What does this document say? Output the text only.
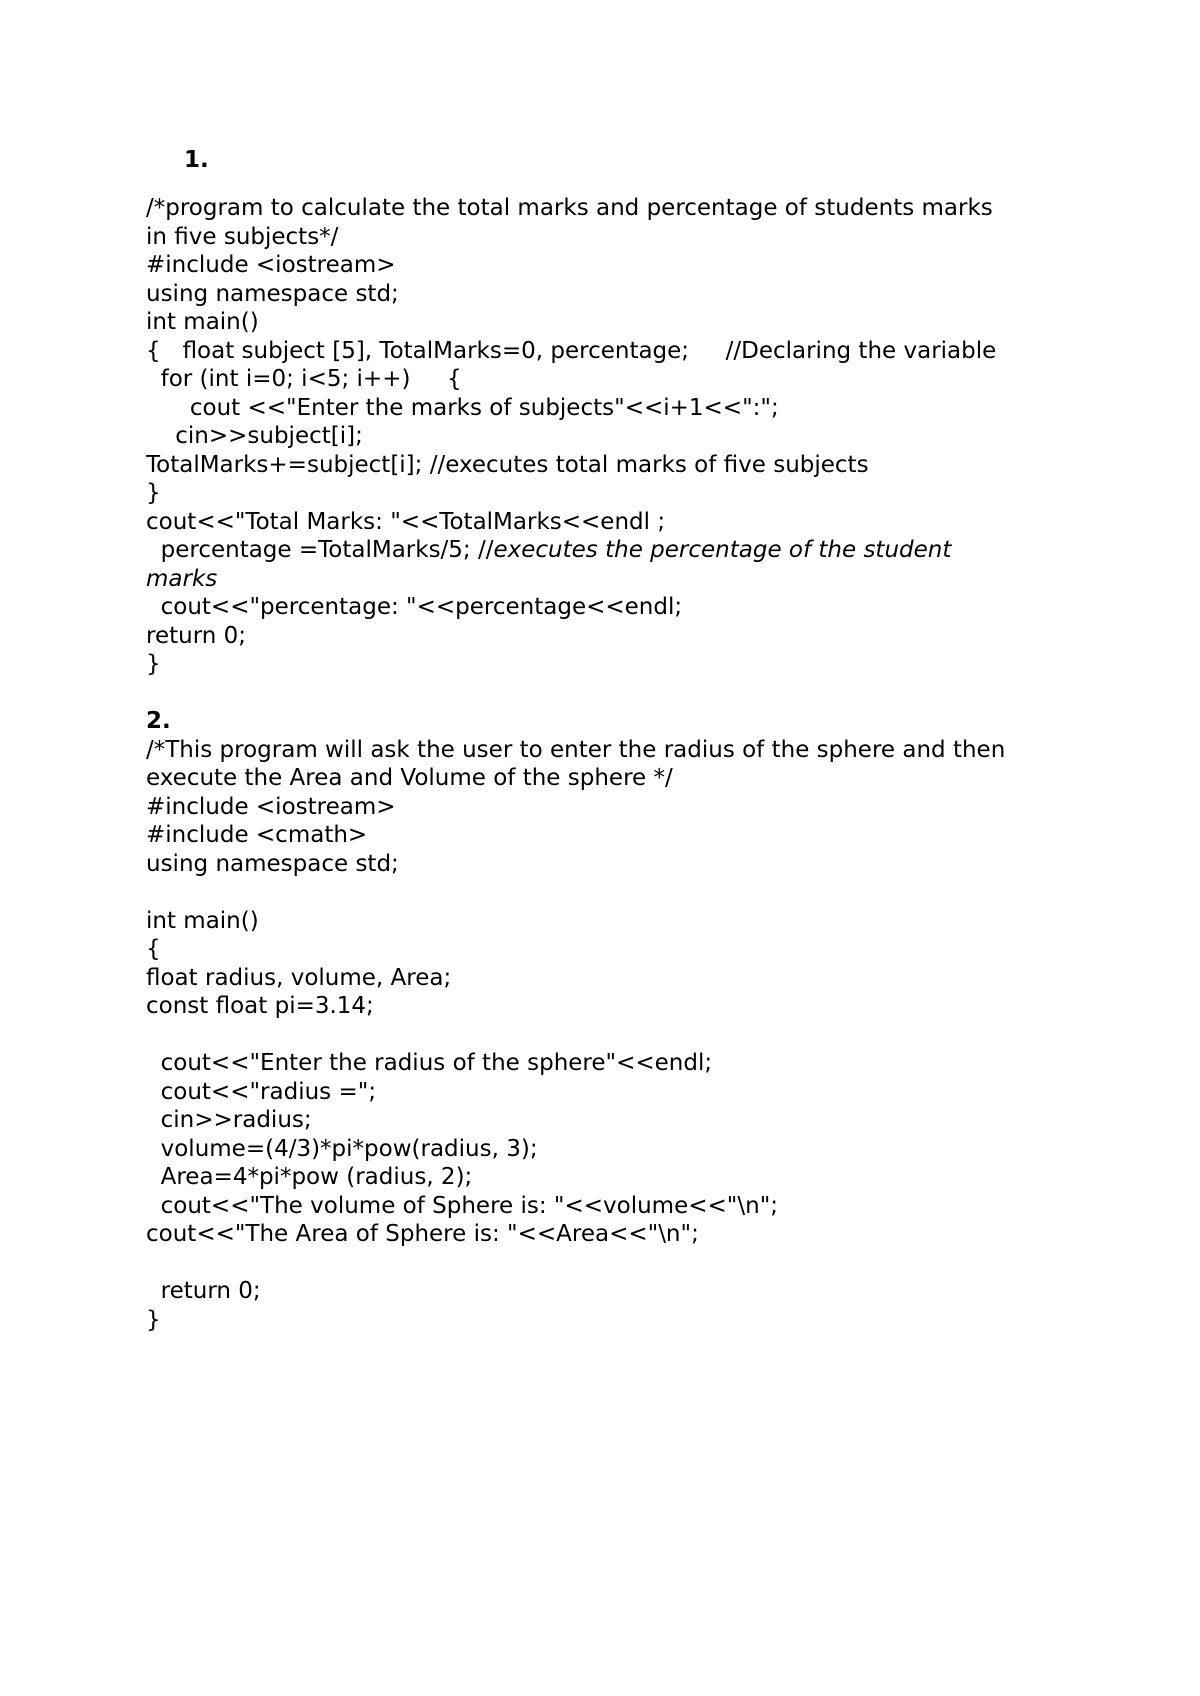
1.
/*program to calculate the total marks and percentage of students marks
in five subjects*/
#include <iostream>
using namespace std;
int main()
{   float subject [5], TotalMarks=0, percentage;     //Declaring the variable
for (int i=0; i<5; i++)     {
cout <<"Enter the marks of subjects"<<i+1<<":";
cin>>subject[i];
TotalMarks+=subject[i]; //executes total marks of five subjects
}
cout<<"Total Marks: "<<TotalMarks<<endl ;
percentage =TotalMarks/5; //executes the percentage of the student
marks
cout<<"percentage: "<<percentage<<endl;
return 0;
}
2.
/*This program will ask the user to enter the radius of the sphere and then
execute the Area and Volume of the sphere */
#include <iostream>
#include <cmath>
using namespace std;
int main()
{
float radius, volume, Area;
const float pi=3.14;
cout<<"Enter the radius of the sphere"<<endl;
cout<<"radius =";
cin>>radius;
volume=(4/3)*pi*pow(radius, 3);
Area=4*pi*pow (radius, 2);
cout<<"The volume of Sphere is: "<<volume<<"\n";
cout<<"The Area of Sphere is: "<<Area<<"\n";
return 0;
}
